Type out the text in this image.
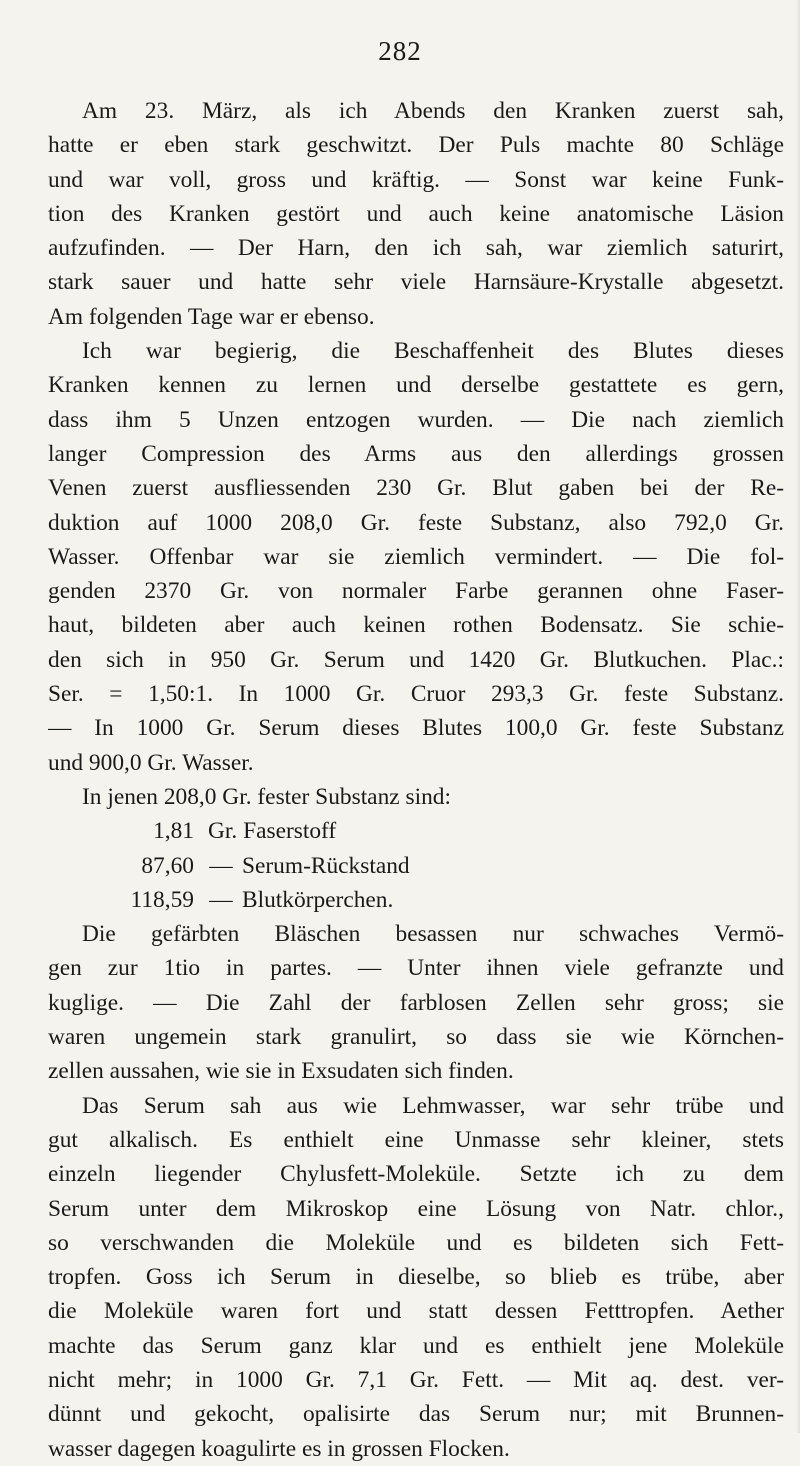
282
Am 23. März, als ich Abends den Kranken zuerst sah,
hatte er eben stark geschwitzt. Der Puls machte 80 Schläge
und war voll, gross und kräftig. — Sonst war keine Funk-
tion des Kranken gestört und auch keine anatomische Läsion
aufzufinden. — Der Harn, den ich sah, war ziemlich saturirt,
stark sauer und hatte sehr viele Harnsäure-Krystalle abgesetzt.
Am folgenden Tage war er ebenso.
Ich war begierig, die Beschaffenheit des Blutes dieses
Kranken kennen zu lernen und derselbe gestattete es gern,
dass ihm 5 Unzen entzogen wurden. — Die nach ziemlich
langer Compression des Arms aus den allerdings grossen
Venen zuerst ausfliessenden 230 Gr. Blut gaben bei der Re-
duktion auf 1000 208,0 Gr. feste Substanz, also 792,0 Gr.
Wasser. Offenbar war sie ziemlich vermindert. — Die fol-
genden 2370 Gr. von normaler Farbe gerannen ohne Faser-
haut, bildeten aber auch keinen rothen Bodensatz. Sie schie-
den sich in 950 Gr. Serum und 1420 Gr. Blutkuchen. Plac.:
Ser. = 1,50:1. In 1000 Gr. Cruor 293,3 Gr. feste Substanz.
— In 1000 Gr. Serum dieses Blutes 100,0 Gr. feste Substanz
und 900,0 Gr. Wasser.
In jenen 208,0 Gr. fester Substanz sind:
1,81 Gr. Faserstoff
87,60 — Serum-Rückstand
118,59 — Blutkörperchen.
Die gefärbten Bläschen besassen nur schwaches Vermö-
gen zur 1tio in partes. — Unter ihnen viele gefranzte und
kuglige. — Die Zahl der farblosen Zellen sehr gross; sie
waren ungemein stark granulirt, so dass sie wie Körnchen-
zellen aussahen, wie sie in Exsudaten sich finden.
Das Serum sah aus wie Lehmwasser, war sehr trübe und
gut alkalisch. Es enthielt eine Unmasse sehr kleiner, stets
einzeln liegender Chylusfett-Moleküle. Setzte ich zu dem
Serum unter dem Mikroskop eine Lösung von Natr. chlor.,
so verschwanden die Moleküle und es bildeten sich Fett-
tropfen. Goss ich Serum in dieselbe, so blieb es trübe, aber
die Moleküle waren fort und statt dessen Fetttropfen. Aether
machte das Serum ganz klar und es enthielt jene Moleküle
nicht mehr; in 1000 Gr. 7,1 Gr. Fett. — Mit aq. dest. ver-
dünnt und gekocht, opalisirte das Serum nur; mit Brunnen-
wasser dagegen koagulirte es in grossen Flocken.
